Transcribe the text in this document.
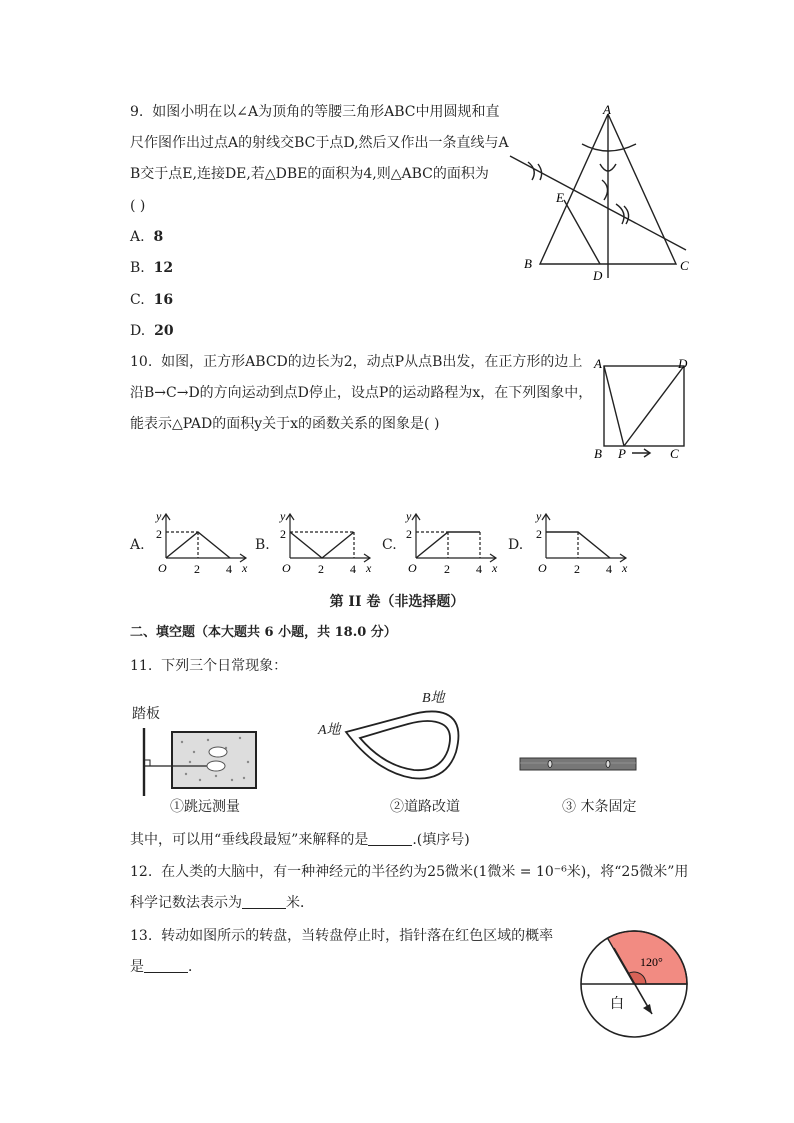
9. 如图小明在以∠A为顶角的等腰三角形ABC中用圆规和直
尺作图作出过点A的射线交BC于点D,然后又作出一条直线与A
B交于点E,连接DE,若△DBE的面积为4,则△ABC的面积为
( )
A. 8
B. 12
C. 16
D. 20
A
B	C
D
E
10. 如图，正方形ABCD的边长为2，动点P从点B出发，在正方形的边上
沿B→C→D的方向运动到点D停止，设点P的运动路程为x，在下列图象中，
能表示△PAD的面积y关于x的函数关系的图象是( )
A	D
B P	C
A.
y
2
O 2 4 x
B.
y
2
O 2 4 x
C.
y
2
O 2 4 x
D.
y
2
O 2 4 x
第 II 卷（非选择题）
二、填空题（本大题共 6 小题，共 18.0 分）
11. 下列三个日常现象：
踏板
①跳远测量
B地
A地
②道路改道	③ 木条固定
其中，可以用“垂线段最短”来解释的是	.(填序号)
12. 在人类的大脑中，有一种神经元的半径约为25微米(1微米 = 10⁻⁶米)，将“25微米”用
科学记数法表示为	米．
13. 转动如图所示的转盘，当转盘停止时，指针落在红色区域的概率
是	．	120°
白
